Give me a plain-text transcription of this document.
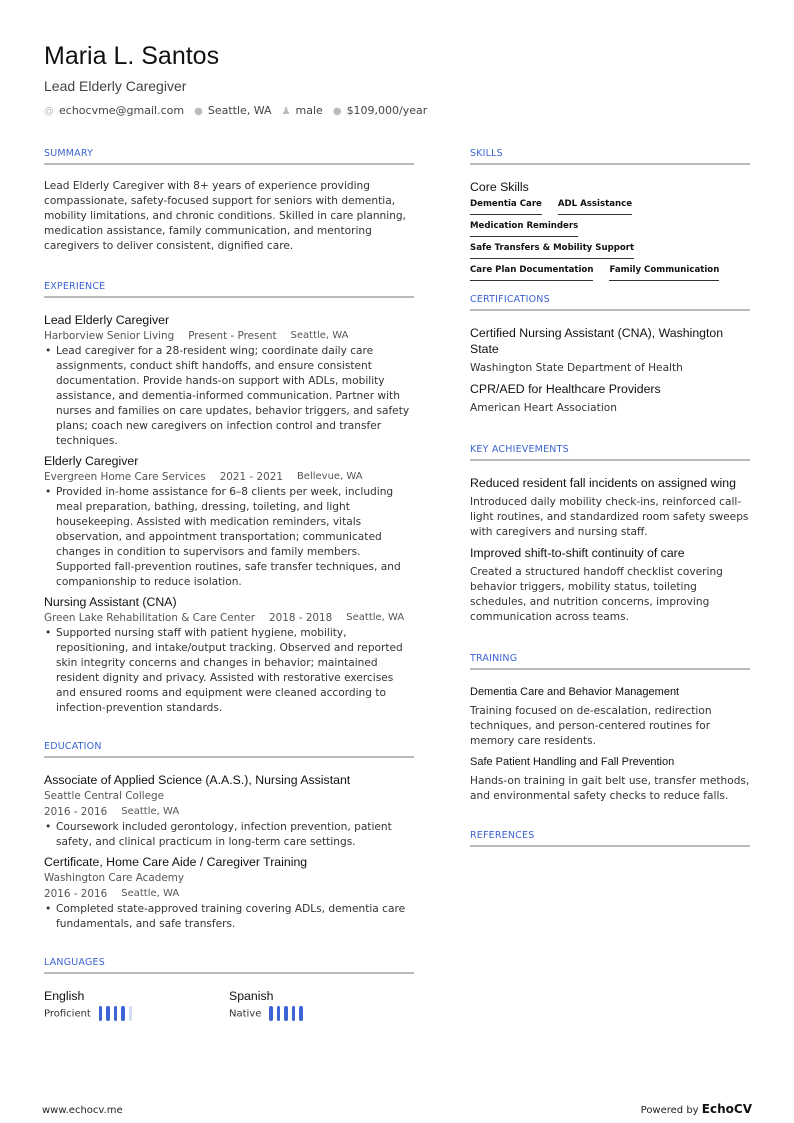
Maria L. Santos
Lead Elderly Caregiver
@ echocvme@gmail.com ● Seattle, WA ♟ male ● $109,000/year
SUMMARY
Lead Elderly Caregiver with 8+ years of experience providing compassionate, safety-focused support for seniors with dementia, mobility limitations, and chronic conditions. Skilled in care planning, medication assistance, family communication, and mentoring caregivers to deliver consistent, dignified care.
EXPERIENCE
Lead Elderly Caregiver
Harborview Senior Living Present - Present Seattle, WA
• Lead caregiver for a 28-resident wing; coordinate daily care assignments, conduct shift handoffs, and ensure consistent documentation. Provide hands-on support with ADLs, mobility assistance, and dementia-informed communication. Partner with nurses and families on care updates, behavior triggers, and safety plans; coach new caregivers on infection control and transfer techniques.
Elderly Caregiver
Evergreen Home Care Services 2021 - 2021 Bellevue, WA
• Provided in-home assistance for 6–8 clients per week, including meal preparation, bathing, dressing, toileting, and light housekeeping. Assisted with medication reminders, vitals observation, and appointment transportation; communicated changes in condition to supervisors and family members. Supported fall-prevention routines, safe transfer techniques, and companionship to reduce isolation.
Nursing Assistant (CNA)
Green Lake Rehabilitation & Care Center 2018 - 2018 Seattle, WA
• Supported nursing staff with patient hygiene, mobility, repositioning, and intake/output tracking. Observed and reported skin integrity concerns and changes in behavior; maintained resident dignity and privacy. Assisted with restorative exercises and ensured rooms and equipment were cleaned according to infection-prevention standards.
EDUCATION
Associate of Applied Science (A.A.S.), Nursing Assistant
Seattle Central College
2016 - 2016 Seattle, WA
• Coursework included gerontology, infection prevention, patient safety, and clinical practicum in long-term care settings.
Certificate, Home Care Aide / Caregiver Training
Washington Care Academy
2016 - 2016 Seattle, WA
• Completed state-approved training covering ADLs, dementia care fundamentals, and safe transfers.
LANGUAGES
English
Proficient
Spanish
Native
SKILLS
Core Skills
Dementia Care ADL Assistance
Medication Reminders
Safe Transfers & Mobility Support
Care Plan Documentation Family Communication
CERTIFICATIONS
Certified Nursing Assistant (CNA), Washington State
Washington State Department of Health
CPR/AED for Healthcare Providers
American Heart Association
KEY ACHIEVEMENTS
Reduced resident fall incidents on assigned wing
Introduced daily mobility check-ins, reinforced call-light routines, and standardized room safety sweeps with caregivers and nursing staff.
Improved shift-to-shift continuity of care
Created a structured handoff checklist covering behavior triggers, mobility status, toileting schedules, and nutrition concerns, improving communication across teams.
TRAINING
Dementia Care and Behavior Management
Training focused on de-escalation, redirection techniques, and person-centered routines for memory care residents.
Safe Patient Handling and Fall Prevention
Hands-on training in gait belt use, transfer methods, and environmental safety checks to reduce falls.
REFERENCES
www.echocv.me	Powered by EchoCV
